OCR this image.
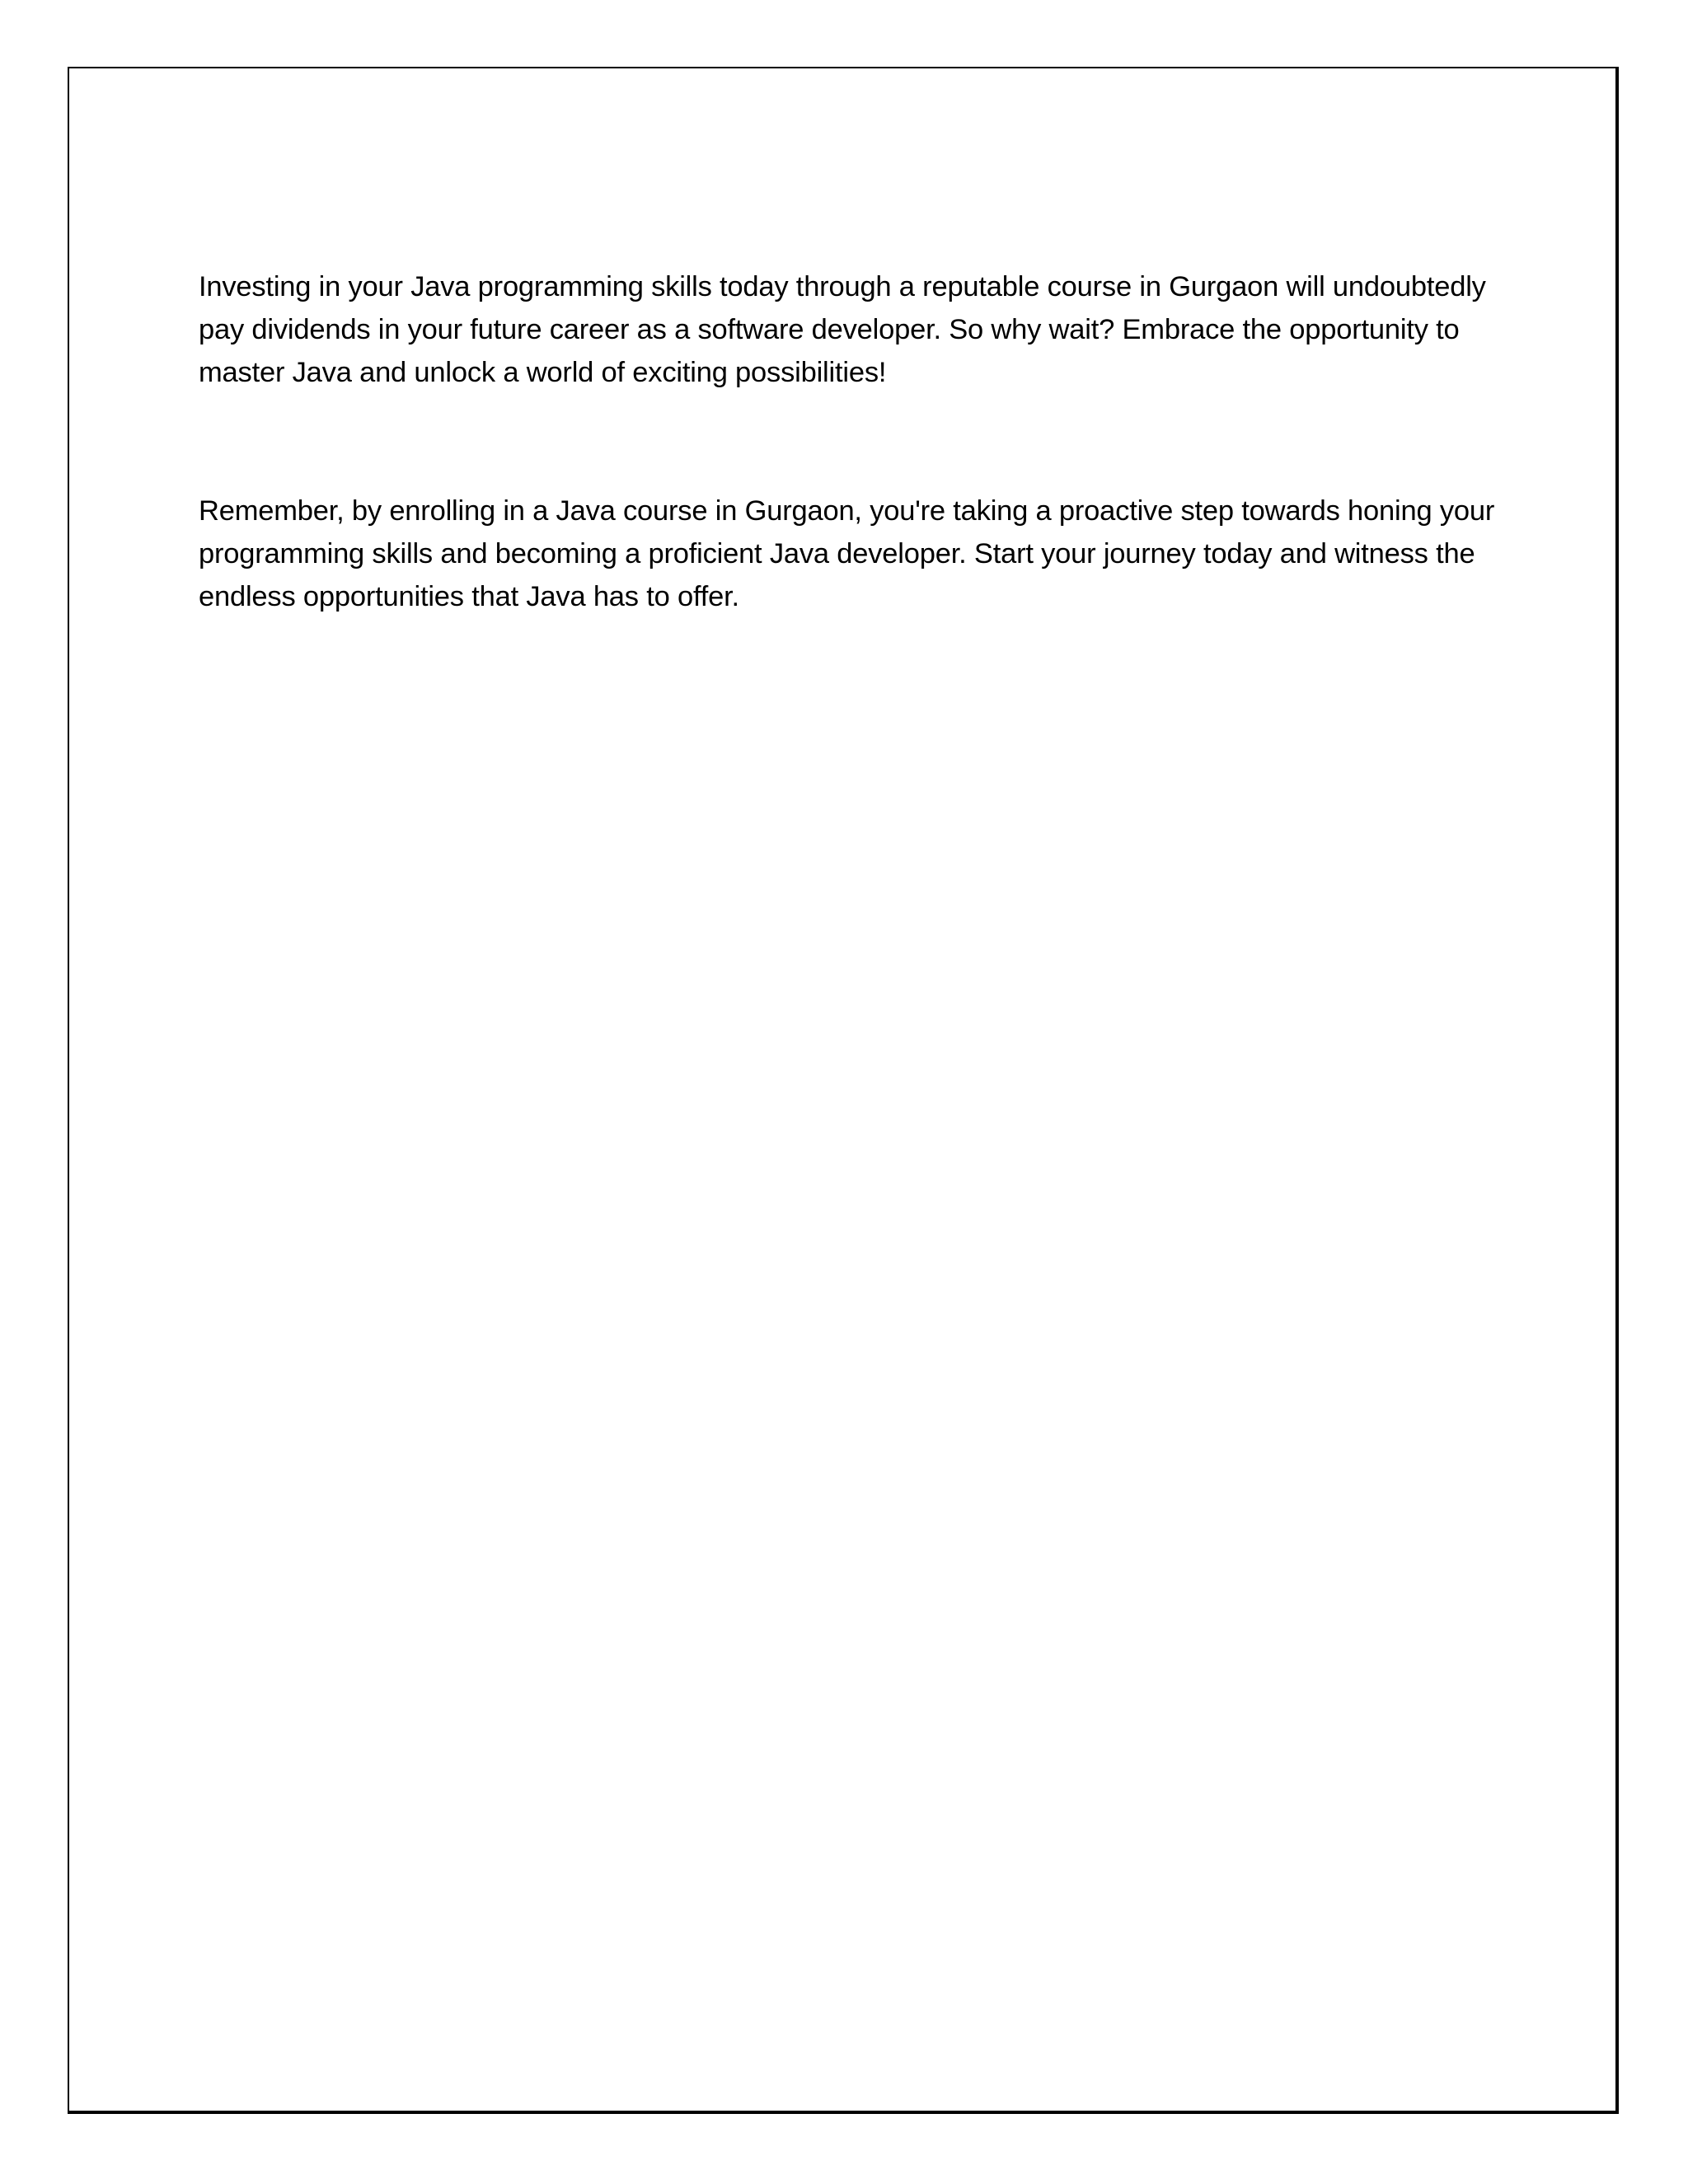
Investing in your Java programming skills today through a reputable course in Gurgaon will undoubtedly pay dividends in your future career as a software developer. So why wait? Embrace the opportunity to master Java and unlock a world of exciting possibilities!

Remember, by enrolling in a Java course in Gurgaon, you're taking a proactive step towards honing your programming skills and becoming a proficient Java developer. Start your journey today and witness the endless opportunities that Java has to offer.
